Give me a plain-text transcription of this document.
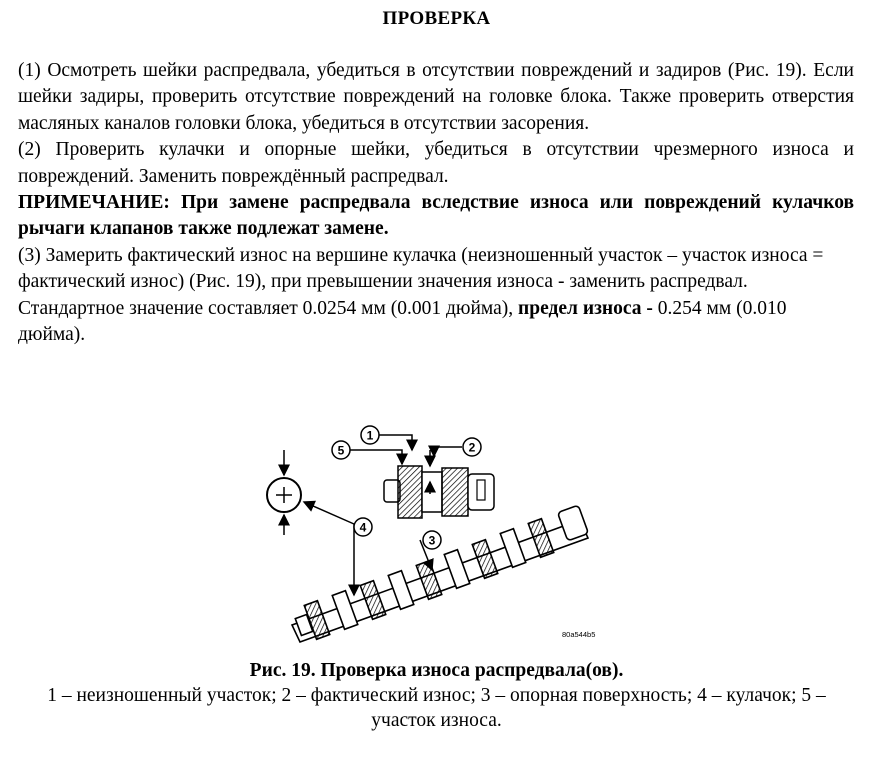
ПРОВЕРКА

(1) Осмотреть шейки распредвала, убедиться в отсутствии повреждений и задиров (Рис. 19). Если шейки задиры, проверить отсутствие повреждений на головке блока. Также проверить отверстия масляных каналов головки блока, убедиться в отсутствии засорения.

(2) Проверить кулачки и опорные шейки, убедиться в отсутствии чрезмерного износа и повреждений. Заменить повреждённый распредвал.

ПРИМЕЧАНИЕ: При замене распредвала вследствие износа или повреждений кулачков рычаги клапанов также подлежат замене.

(3) Замерить фактический износ на вершине кулачка (неизношенный участок – участок износа = фактический износ) (Рис. 19), при превышении значения износа - заменить распредвал. Стандартное значение составляет 0.0254 мм (0.001 дюйма), предел износа - 0.254 мм (0.010 дюйма).

1
2
3
4
5
80a544b5
Рис. 19. Проверка износа распредвала(ов).
1 – неизношенный участок; 2 – фактический износ; 3 – опорная поверхность; 4 – кулачок; 5 – участок износа.
